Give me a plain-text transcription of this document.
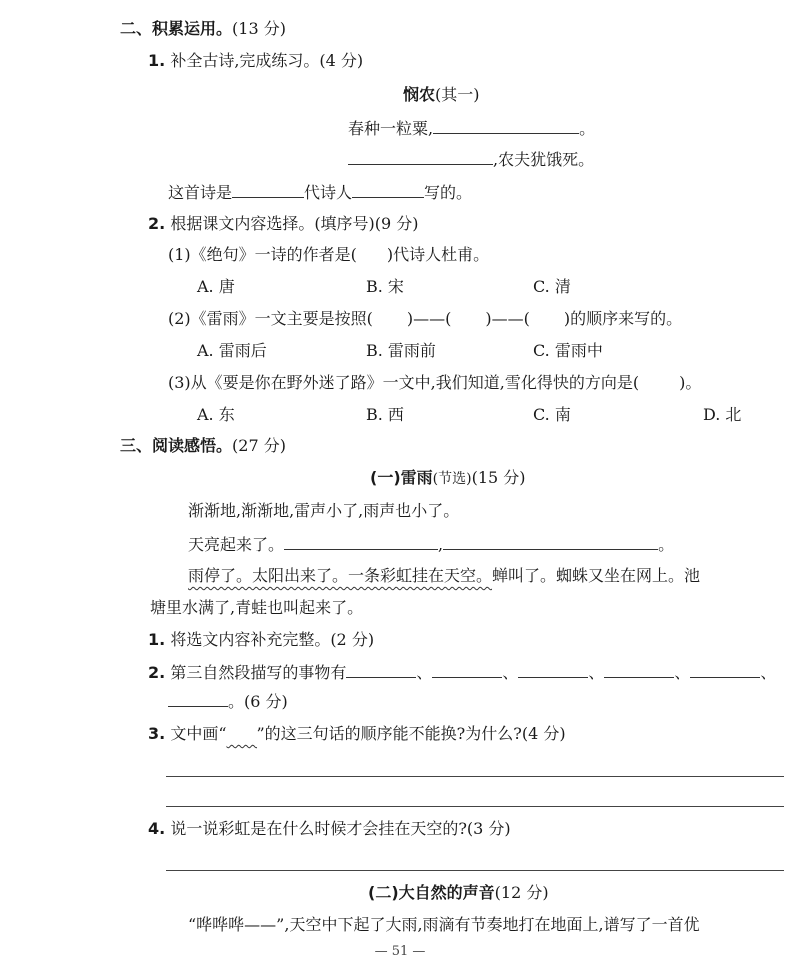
二、积累运用。(13 分)
1. 补全古诗,完成练习。(4 分)
悯农(其一)
春种一粒粟,	。
,农夫犹饿死。
这首诗是	代诗人	写的。
2. 根据课文内容选择。(填序号)(9 分)
(1)《绝句》一诗的作者是( )代诗人杜甫。
A. 唐	B. 宋	C. 清
(2)《雷雨》一文主要是按照( )——( )——( )的顺序来写的。
A. 雷雨后	B. 雷雨前	C. 雷雨中
(3)从《要是你在野外迷了路》一文中,我们知道,雪化得快的方向是(	)。
A. 东	B. 西	C. 南	D. 北
三、阅读感悟。(27 分)
(一)雷雨(节选)(15 分)
渐渐地,渐渐地,雷声小了,雨声也小了。
天亮起来了。	,	。
雨停了。太阳出来了。一条彩虹挂在天空。蝉叫了。蜘蛛又坐在网上。池
塘里水满了,青蛙也叫起来了。
1. 将选文内容补充完整。(2 分)
2. 第三自然段描写的事物有	、	、	、	、	、
。(6 分)
3. 文中画“ ”的这三句话的顺序能不能换?为什么?(4 分)
4. 说一说彩虹是在什么时候才会挂在天空的?(3 分)
(二)大自然的声音(12 分)
“哗哗哗——”,天空中下起了大雨,雨滴有节奏地打在地面上,谱写了一首优
— 51 —
